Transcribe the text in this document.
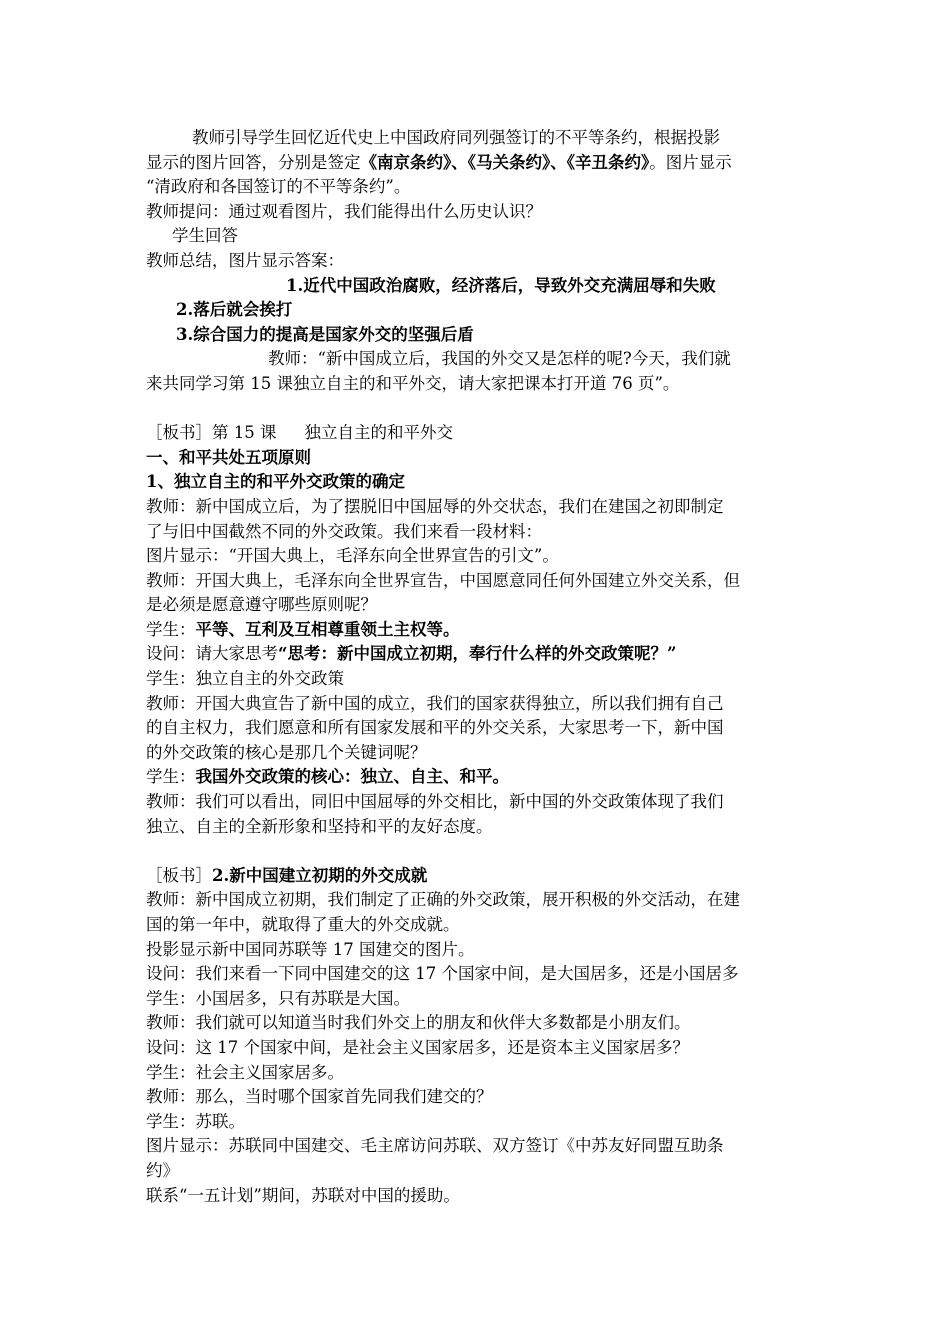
教师引导学生回忆近代史上中国政府同列强签订的不平等条约，根据投影
显示的图片回答，分别是签定《南京条约》、《马关条约》、《辛丑条约》。图片显示
“清政府和各国签订的不平等条约”。
教师提问：通过观看图片，我们能得出什么历史认识？
学生回答
教师总结，图片显示答案：
1.近代中国政治腐败，经济落后，导致外交充满屈辱和失败
2.落后就会挨打
3.综合国力的提高是国家外交的坚强后盾
教师：“新中国成立后，我国的外交又是怎样的呢?今天，我们就
来共同学习第 15 课独立自主的和平外交，请大家把课本打开道 76 页”。
［板书］第 15 课 独立自主的和平外交
一、和平共处五项原则
1、独立自主的和平外交政策的确定
教师：新中国成立后，为了摆脱旧中国屈辱的外交状态，我们在建国之初即制定
了与旧中国截然不同的外交政策。我们来看一段材料：
图片显示：“开国大典上，毛泽东向全世界宣告的引文”。
教师：开国大典上，毛泽东向全世界宣告，中国愿意同任何外国建立外交关系，但
是必须是愿意遵守哪些原则呢？
学生：平等、互利及互相尊重领土主权等。
设问：请大家思考“思考：新中国成立初期，奉行什么样的外交政策呢？”
学生：独立自主的外交政策
教师：开国大典宣告了新中国的成立，我们的国家获得独立，所以我们拥有自己
的自主权力，我们愿意和所有国家发展和平的外交关系，大家思考一下，新中国
的外交政策的核心是那几个关键词呢？
学生：我国外交政策的核心：独立、自主、和平。
教师：我们可以看出，同旧中国屈辱的外交相比，新中国的外交政策体现了我们
独立、自主的全新形象和坚持和平的友好态度。
［板书］2.新中国建立初期的外交成就
教师：新中国成立初期，我们制定了正确的外交政策，展开积极的外交活动，在建
国的第一年中，就取得了重大的外交成就。
投影显示新中国同苏联等 17 国建交的图片。
设问：我们来看一下同中国建交的这 17 个国家中间，是大国居多，还是小国居多
学生：小国居多，只有苏联是大国。
教师：我们就可以知道当时我们外交上的朋友和伙伴大多数都是小朋友们。
设问：这 17 个国家中间，是社会主义国家居多，还是资本主义国家居多？
学生：社会主义国家居多。
教师：那么，当时哪个国家首先同我们建交的？
学生：苏联。
图片显示：苏联同中国建交、毛主席访问苏联、双方签订《中苏友好同盟互助条
约》
联系“一五计划”期间，苏联对中国的援助。
